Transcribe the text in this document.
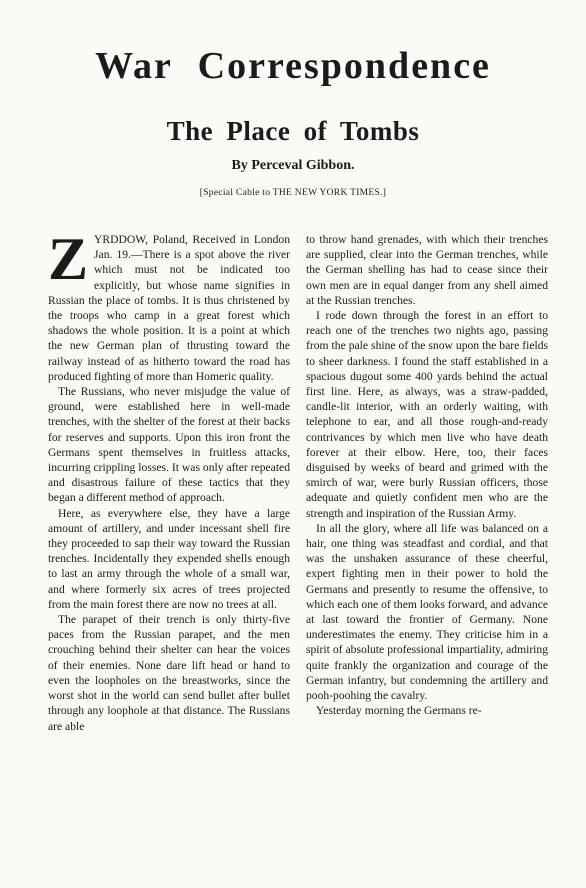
War Correspondence
The Place of Tombs
By Perceval Gibbon.
[Special Cable to THE NEW YORK TIMES.]

ZYRDDOW, Poland, Received in London Jan. 19.—There is a spot above the river which must not be indicated too explicitly, but whose name signifies in Russian the place of tombs. It is thus christened by the troops who camp in a great forest which shadows the whole position. It is a point at which the new German plan of thrusting toward the railway instead of as hitherto toward the road has produced fighting of more than Homeric quality.

The Russians, who never misjudge the value of ground, were established here in well-made trenches, with the shelter of the forest at their backs for reserves and supports. Upon this iron front the Germans spent themselves in fruitless attacks, incurring crippling losses. It was only after repeated and disastrous failure of these tactics that they began a different method of approach.

Here, as everywhere else, they have a large amount of artillery, and under incessant shell fire they proceeded to sap their way toward the Russian trenches. Incidentally they expended shells enough to last an army through the whole of a small war, and where formerly six acres of trees projected from the main forest there are now no trees at all.

The parapet of their trench is only thirty-five paces from the Russian parapet, and the men crouching behind their shelter can hear the voices of their enemies. None dare lift head or hand to even the loopholes on the breastworks, since the worst shot in the world can send bullet after bullet through any loophole at that distance. The Russians are able

to throw hand grenades, with which their trenches are supplied, clear into the German trenches, while the German shelling has had to cease since their own men are in equal danger from any shell aimed at the Russian trenches.

I rode down through the forest in an effort to reach one of the trenches two nights ago, passing from the pale shine of the snow upon the bare fields to sheer darkness. I found the staff established in a spacious dugout some 400 yards behind the actual first line. Here, as always, was a straw-padded, candle-lit interior, with an orderly waiting, with telephone to ear, and all those rough-and-ready contrivances by which men live who have death forever at their elbow. Here, too, their faces disguised by weeks of beard and grimed with the smirch of war, were burly Russian officers, those adequate and quietly confident men who are the strength and inspiration of the Russian Army.

In all the glory, where all life was balanced on a hair, one thing was steadfast and cordial, and that was the unshaken assurance of these cheerful, expert fighting men in their power to hold the Germans and presently to resume the offensive, to which each one of them looks forward, and advance at last toward the frontier of Germany. None underestimates the enemy. They criticise him in a spirit of absolute professional impartiality, admiring quite frankly the organization and courage of the German infantry, but condemning the artillery and pooh-poohing the cavalry.

Yesterday morning the Germans re-
